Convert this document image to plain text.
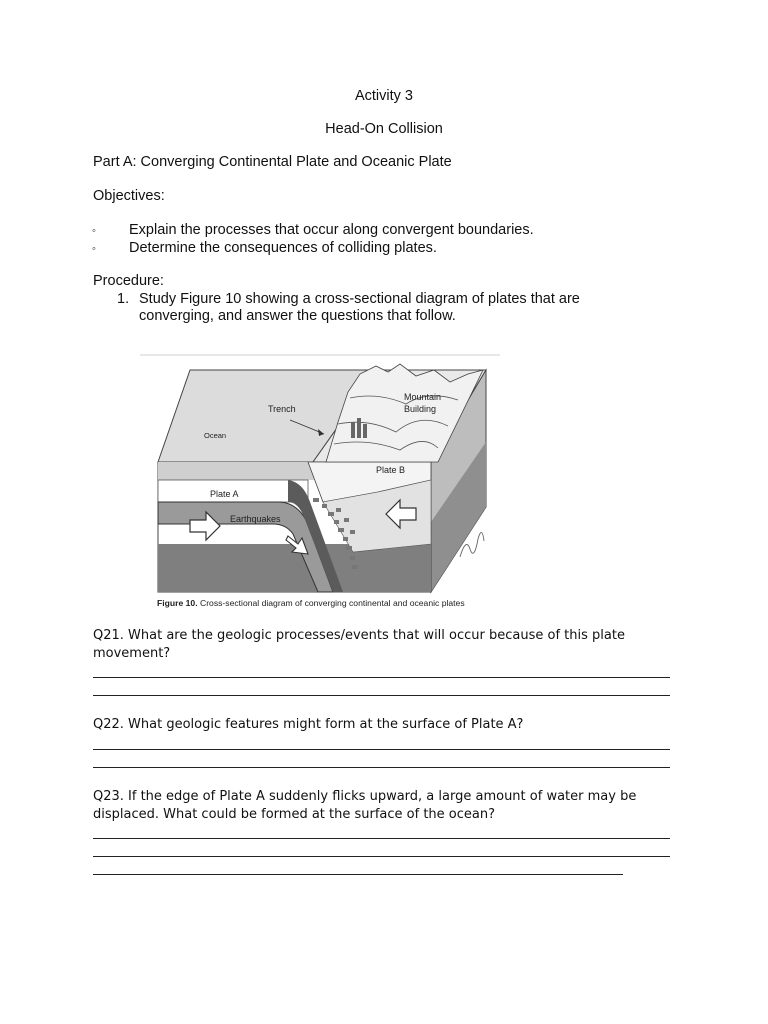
Activity 3
Head-On Collision
Part A: Converging Continental Plate and Oceanic Plate
Objectives:
◦ Explain the processes that occur along convergent boundaries.
◦ Determine the consequences of colliding plates.
Procedure:
1. Study Figure 10 showing a cross-sectional diagram of plates that are
converging, and answer the questions that follow.
Trench
Mountain
Building
Ocean
Plate B
Plate A
Earthquakes
Figure 10. Cross-sectional diagram of converging continental and oceanic plates
Q21. What are the geologic processes/events that will occur because of this plate
movement?
Q22. What geologic features might form at the surface of Plate A?
Q23. If the edge of Plate A suddenly flicks upward, a large amount of water may be
displaced. What could be formed at the surface of the ocean?
